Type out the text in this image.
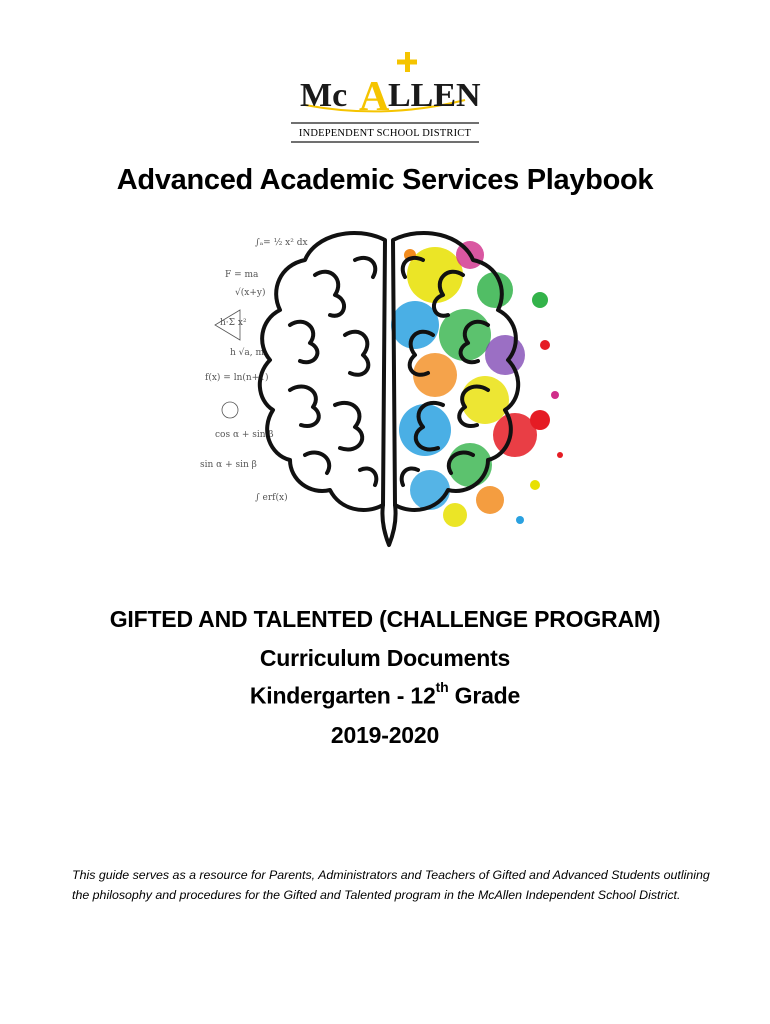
Mc A
LLEN
INDEPENDENT SCHOOL DISTRICT
Advanced Academic Services Playbook
∫ₐ= ½ x² dx
F = ma
√(x+y)
h·Σ x²
h √a, m
f(x) = ln(n+1)
cos α + sin β
sin α + sin β
∫ erf(x)
GIFTED AND TALENTED (CHALLENGE PROGRAM)
Curriculum Documents
Kindergarten - 12th Grade
2019-2020
This guide serves as a resource for Parents, Administrators and Teachers of Gifted and Advanced Students outlining the philosophy and procedures for the Gifted and Talented program in the McAllen Independent School District.
